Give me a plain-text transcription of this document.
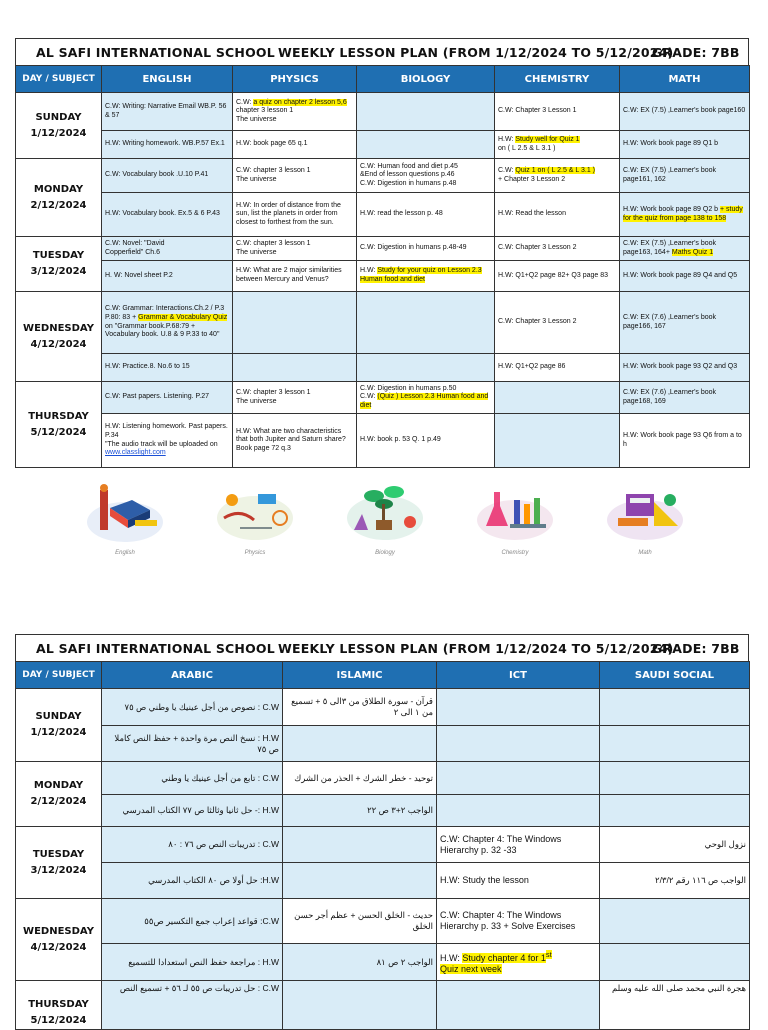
AL SAFI INTERNATIONAL SCHOOL WEEKLY LESSON PLAN (FROM 1/12/2024 TO 5/12/2024)
GRADE: 7BB
DAY / SUBJECT	ENGLISH	PHYSICS	BIOLOGY	CHEMISTRY	MATH
SUNDAY
1/12/2024	C.W: Writing: Narrative Email WB.P. 56 & 57	C.W: a quiz on chapter 2 lesson 5,6
chapter 3 lesson 1
The universe		C.W: Chapter 3 Lesson 1	C.W: EX (7.5) ,Learner's book page160
	H.W: Writing homework. WB.P.57 Ex.1	H.W: book page 65 q.1		H.W: Study well for Quiz 1
on ( L 2.5 & L 3.1 )	H.W: Work book page 89 Q1 b
MONDAY
2/12/2024	C.W: Vocabulary book .U.10 P.41	C.W: chapter 3 lesson 1
The universe	C.W: Human food and diet p.45
&End of lesson questions p.46
C.W: Digestion in humans p.48	C.W: Quiz 1 on ( L 2.5 & L 3.1 )
+ Chapter 3 Lesson 2	C.W: EX (7.5) ,Learner's book page161, 162
	H.W: Vocabulary book. Ex.5 & 6 P.43	H.W: In order of distance from the sun, list the planets in order from closest to forthest from the sun.	H.W: read the lesson p. 48	H.W: Read the lesson	H.W: Work book page 89 Q2 b + study for the quiz from page 138 to 158
TUESDAY
3/12/2024	C.W: Novel: "David
Copperfield" Ch.6	C.W: chapter 3 lesson 1
The universe	C.W: Digestion in humans p.48-49	C.W: Chapter 3 Lesson 2	C.W: EX (7.5) ,Learner's book page163, 164+ Maths Quiz 1
	H. W: Novel sheet P.2	H.W: What are 2 major similarities between Mercury and Venus?	H.W: Study for your quiz on Lesson 2.3 Human food and diet	H.W: Q1+Q2 page 82+ Q3 page 83	H.W: Work book page 89 Q4 and Q5
WEDNESDAY
4/12/2024	C.W: Grammar: Interactions.Ch.2 / P.3 P.80: 83 + Grammar & Vocabulary Quiz
on "Grammar book.P.68:79 + Vocabulary book. U.8 & 9 P.33 to 40"			C.W: Chapter 3 Lesson 2	C.W: EX (7.6) ,Learner's book page166, 167
	H.W: Practice.8. No.6 to 15			H.W: Q1+Q2 page 86	H.W: Work book page 93 Q2 and Q3
THURSDAY
5/12/2024	C.W: Past papers. Listening. P.27	C.W: chapter 3 lesson 1
The universe	C.W: Digestion in humans p.50
C.W: (Quiz ) Lesson 2.3 Human food and diet		C.W: EX (7.6) ,Learner's book page168, 169
	H.W: Listening homework. Past papers. P.34
"The audio track will be uploaded on
www.classlight.com	H.W: What are two characteristics that both Jupiter and Saturn share? Book page 72 q.3	H.W: book p. 53 Q. 1 p.49		H.W: Work book page 93 Q6 from a to h
English	Physics	Biology	Chemistry	Math
AL SAFI INTERNATIONAL SCHOOL WEEKLY LESSON PLAN (FROM 1/12/2024 TO 5/12/2024)
GRADE: 7BB
DAY / SUBJECT	ARABIC	ISLAMIC	ICT	SAUDI SOCIAL
SUNDAY
1/12/2024	C.W : نصوص من أجل عينيك يا وطني ص ٧٥	قرآن - سورة الطلاق من ٣الى ٥ + تسميع من ١ الى ٢		
	H.W : نسخ النص مرة واحدة + حفظ النص كاملا ص ٧٥			
MONDAY
2/12/2024	C.W : تابع من أجل عينيك يا وطني	توحيد - خطر الشرك + الحذر من الشرك		
	H.W :- حل ثانيا وثالثا ص ٧٧ الكتاب المدرسي	الواجب ٢+٣ ص ٢٢		
TUESDAY
3/12/2024	C.W : تدريبات النص ص ٧٦ : ٨٠		C.W: Chapter 4: The Windows Hierarchy p. 32 -33	نزول الوحي
	H.W: حل أولا ص ٨٠ الكتاب المدرسي		H.W: Study the lesson	الواجب ص ١١٦ رقم ٢/٣/٢
WEDNESDAY
4/12/2024	C.W: قواعد إعراب جمع التكسير ص٥٥	حديث - الخلق الحسن + عظم أجر حسن الخلق	C.W: Chapter 4: The Windows Hierarchy p. 33 + Solve Exercises	
	H.W : مراجعة حفظ النص استعدادا للتسميع	الواجب ٢ ص ٨١	H.W: Study chapter 4 for 1st
Quiz next week	
THURSDAY
5/12/2024	C.W : حل تدريبات ص ٥٥ لـ ٥٦ + تسميع النص			هجرة النبي محمد صلى الله عليه وسلم
